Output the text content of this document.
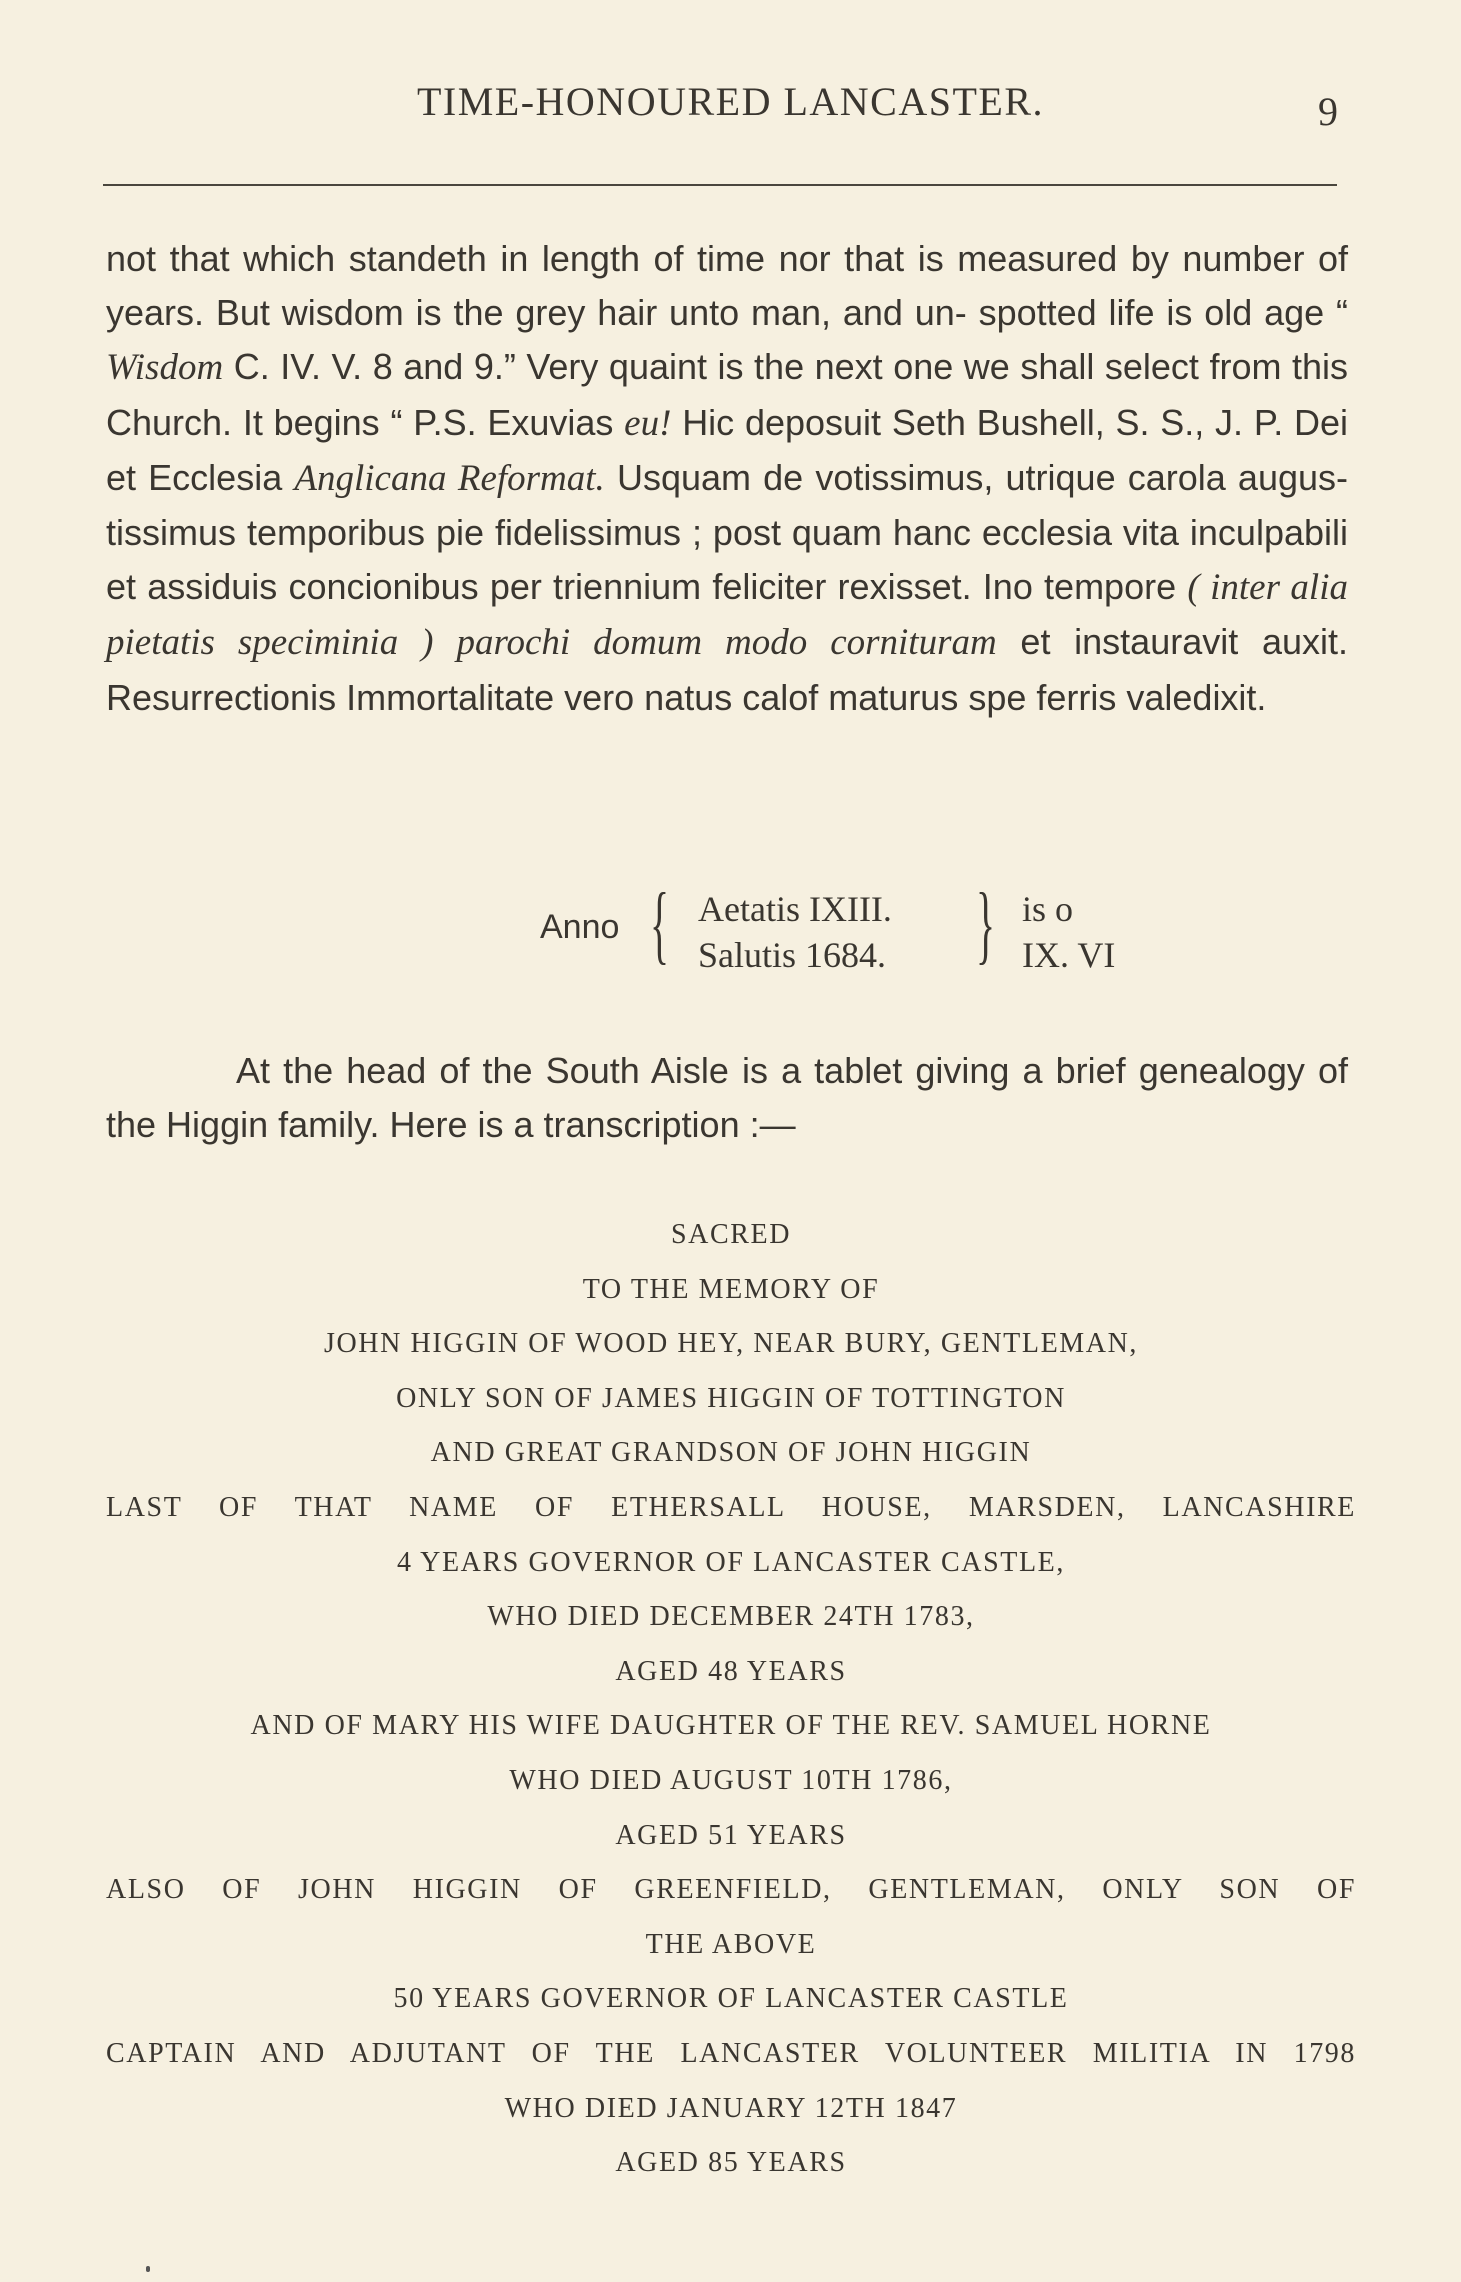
TIME-HONOURED LANCASTER.	9

not that which standeth in length of time nor that is measured by number of years. But wisdom is the grey hair unto man, and un- spotted life is old age “ Wisdom C. IV. V. 8 and 9.” Very quaint is the next one we shall select from this Church. It begins “ P.S. Exuvias eu! Hic deposuit Seth Bushell, S. S., J. P. Dei et Ecclesia Anglicana Reformat. Usquam de votissimus, utrique carola augus- tissimus temporibus pie fidelissimus ; post quam hanc ecclesia vita inculpabili et assiduis concionibus per triennium feliciter rexisset. Ino tempore ( inter alia pietatis speciminia ) parochi domum modo cornituram et instauravit auxit. Resurrectionis Immortalitate vero natus calof maturus spe ferris valedixit.

Anno { Aetatis IXIII.
Salutis 1684. } is o
IX. VI
At the head of the South Aisle is a tablet giving a brief genealogy of the Higgin family. Here is a transcription :—
SACRED
TO THE MEMORY OF
JOHN HIGGIN OF WOOD HEY, NEAR BURY, GENTLEMAN,
ONLY SON OF JAMES HIGGIN OF TOTTINGTON
AND GREAT GRANDSON OF JOHN HIGGIN
LAST OF THAT NAME OF ETHERSALL HOUSE, MARSDEN, LANCASHIRE
4 YEARS GOVERNOR OF LANCASTER CASTLE,
WHO DIED DECEMBER 24TH 1783,
AGED 48 YEARS
AND OF MARY HIS WIFE DAUGHTER OF THE REV. SAMUEL HORNE
WHO DIED AUGUST 10TH 1786,
AGED 51 YEARS
ALSO OF JOHN HIGGIN OF GREENFIELD, GENTLEMAN, ONLY SON OF
THE ABOVE
50 YEARS GOVERNOR OF LANCASTER CASTLE
CAPTAIN AND ADJUTANT OF THE LANCASTER VOLUNTEER MILITIA IN 1798
WHO DIED JANUARY 12TH 1847
AGED 85 YEARS
